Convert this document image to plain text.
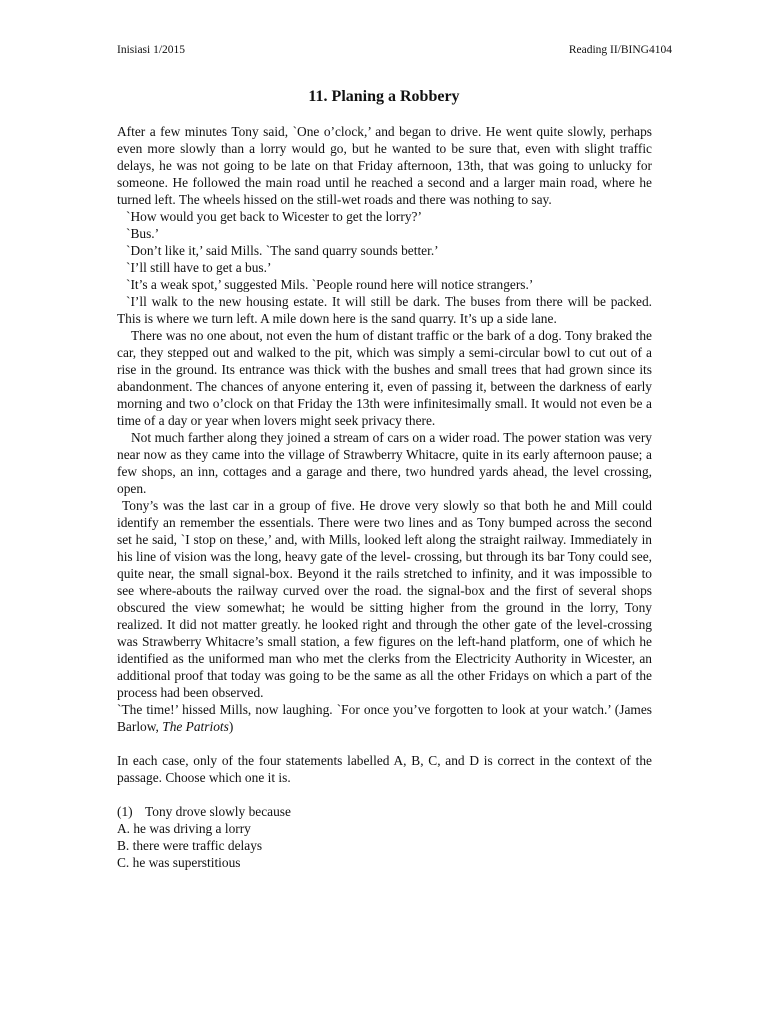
Inisiasi 1/2015	Reading II/BING4104
11. Planing a Robbery

After a few minutes Tony said, `One o’clock,’ and began to drive. He went quite slowly, perhaps even more slowly than a lorry would go, but he wanted to be sure that, even with slight traffic delays, he was not going to be late on that Friday afternoon, 13th, that was going to unlucky for someone. He followed the main road until he reached a second and a larger main road, where he turned left. The wheels hissed on the still-wet roads and there was nothing to say.

`How would you get back to Wicester to get the lorry?’

`Bus.’

`Don’t like it,’ said Mills. `The sand quarry sounds better.’

`I’ll still have to get a bus.’

`It’s a weak spot,’ suggested Mils. `People round here will notice strangers.’

`I’ll walk to the new housing estate. It will still be dark. The buses from there will be packed. This is where we turn left. A mile down here is the sand quarry. It’s up a side lane.

There was no one about, not even the hum of distant traffic or the bark of a dog. Tony braked the car, they stepped out and walked to the pit, which was simply a semi-circular bowl to cut out of a rise in the ground. Its entrance was thick with the bushes and small trees that had grown since its abandonment. The chances of anyone entering it, even of passing it, between the darkness of early morning and two o’clock on that Friday the 13th were infinitesimally small. It would not even be a time of a day or year when lovers might seek privacy there.

Not much farther along they joined a stream of cars on a wider road. The power station was very near now as they came into the village of Strawberry Whitacre, quite in its early afternoon pause; a few shops, an inn, cottages and a garage and there, two hundred yards ahead, the level crossing, open.

Tony’s was the last car in a group of five. He drove very slowly so that both he and Mill could identify an remember the essentials. There were two lines and as Tony bumped across the second set he said, `I stop on these,’ and, with Mills, looked left along the straight railway. Immediately in his line of vision was the long, heavy gate of the level- crossing, but through its bar Tony could see, quite near, the small signal-box. Beyond it the rails stretched to infinity, and it was impossible to see where-abouts the railway curved over the road. the signal-box and the first of several shops obscured the view somewhat; he would be sitting higher from the ground in the lorry, Tony realized. It did not matter greatly. he looked right and through the other gate of the level-crossing was Strawberry Whitacre’s small station, a few figures on the left-hand platform, one of which he identified as the uniformed man who met the clerks from the Electricity Authority in Wicester, an additional proof that today was going to be the same as all the other Fridays on which a part of the process had been observed.

`The time!’ hissed Mills, now laughing. `For once you’ve forgotten to look at your watch.’ (James Barlow, The Patriots)

In each case, only of the four statements labelled A, B, C, and D is correct in the context of the passage. Choose which one it is.

(1) Tony drove slowly because

A. he was driving a lorry

B. there were traffic delays

C. he was superstitious
